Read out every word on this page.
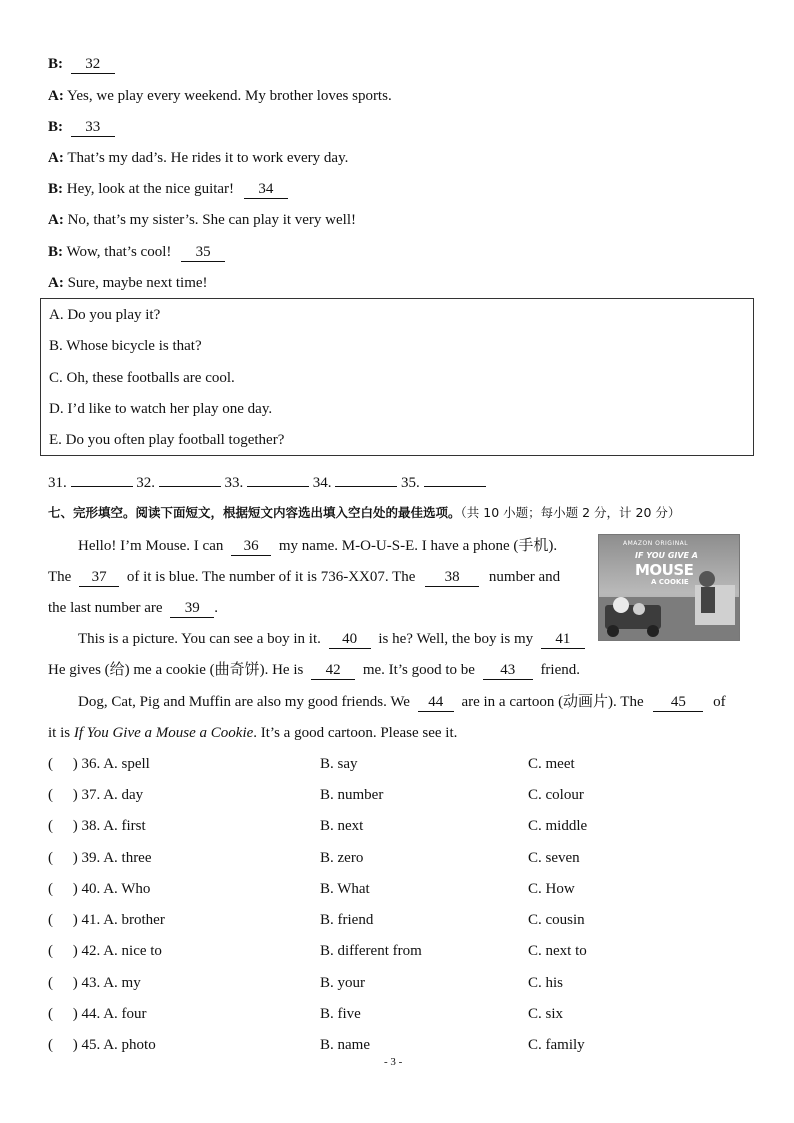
B: 32
A: Yes, we play every weekend. My brother loves sports.
B: 33
A: That’s my dad’s. He rides it to work every day.
B: Hey, look at the nice guitar! 34
A: No, that’s my sister’s. She can play it very well!
B: Wow, that’s cool! 35
A: Sure, maybe next time!
A. Do you play it?
B. Whose bicycle is that?
C. Oh, these footballs are cool.
D. I’d like to watch her play one day.
E. Do you often play football together?
31.	32.	33.	34.	35.
七、完形填空。阅读下面短文，根据短文内容选出填入空白处的最佳选项。（共 10 小题；每小题 2 分，计 20 分）
Hello! I’m Mouse. I can 36 my name. M-O-U-S-E. I have a phone (手机).
The 37 of it is blue. The number of it is 736-XX07. The 38 number and
the last number are 39 .
AMAZON ORIGINAL
IF YOU GIVE A
MOUSE
A COOKIE
This is a picture. You can see a boy in it. 40 is he? Well, the boy is my 41
He gives (给) me a cookie (曲奇饼). He is 42 me. It’s good to be 43 friend.
Dog, Cat, Pig and Muffin are also my good friends. We 44 are in a cartoon (动画片). The 45 of
it is If You Give a Mouse a Cookie. It’s a good cartoon. Please see it.
( ) 36. A. spell	B. say	C. meet
( ) 37. A. day	B. number	C. colour
( ) 38. A. first	B. next	C. middle
( ) 39. A. three	B. zero	C. seven
( ) 40. A. Who	B. What	C. How
( ) 41. A. brother	B. friend	C. cousin
( ) 42. A. nice to	B. different from	C. next to
( ) 43. A. my	B. your	C. his
( ) 44. A. four	B. five	C. six
( ) 45. A. photo	B. name	C. family
- 3 -
